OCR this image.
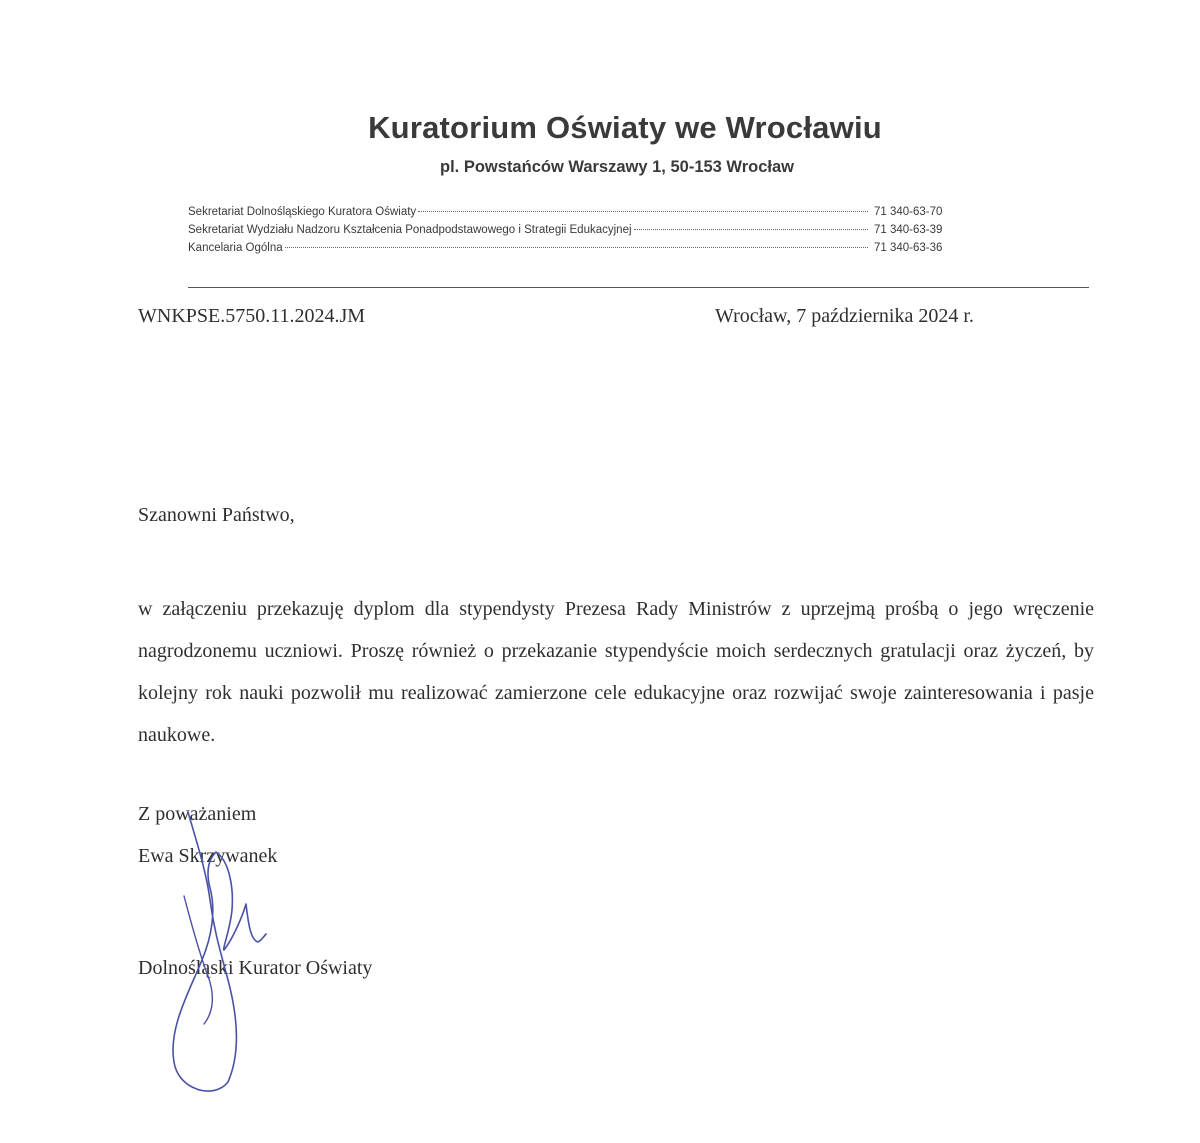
Kuratorium Oświaty we Wrocławiu
pl. Powstańców Warszawy 1, 50-153 Wrocław
Sekretariat Dolnośląskiego Kuratora Oświaty	71 340-63-70
Sekretariat Wydziału Nadzoru Kształcenia Ponadpodstawowego i Strategii Edukacyjnej	71 340-63-39
Kancelaria Ogólna	71 340-63-36
WNKPSE.5750.11.2024.JM	Wrocław, 7 października 2024 r.
Szanowni Państwo,
w załączeniu przekazuję dyplom dla stypendysty Prezesa Rady Ministrów z uprzejmą prośbą o jego wręczenie nagrodzonemu uczniowi. Proszę również o przekazanie stypendyście moich serdecznych gratulacji oraz życzeń, by kolejny rok nauki pozwolił mu realizować zamierzone cele edukacyjne oraz rozwijać swoje zainteresowania i pasje naukowe.
Z poważaniem
Ewa Skrzywanek
Dolnośląski Kurator Oświaty
